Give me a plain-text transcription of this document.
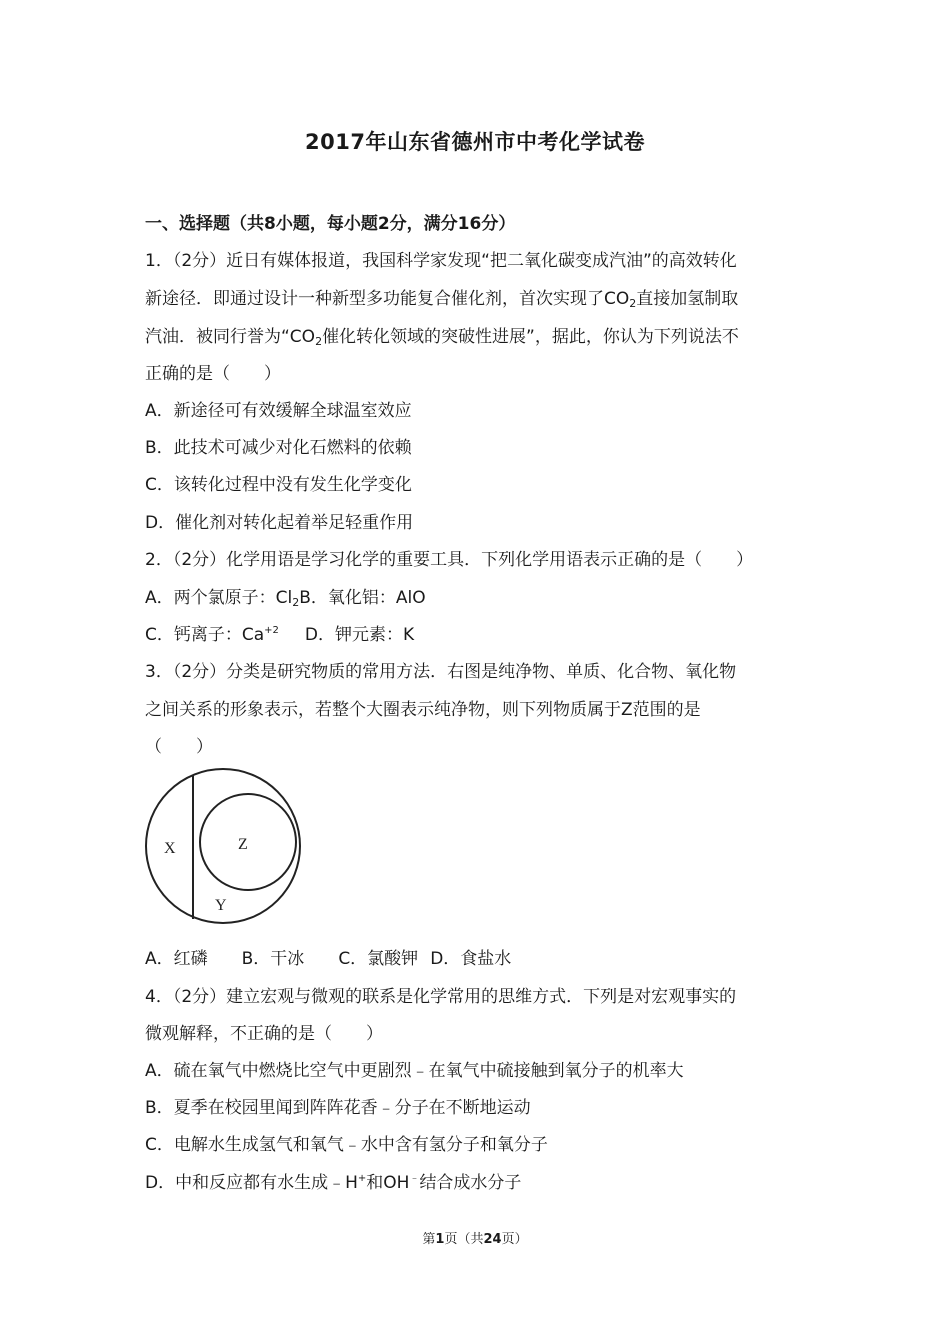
2017年山东省德州市中考化学试卷
一、选择题（共8小题，每小题2分，满分16分）
1．（2分）近日有媒体报道，我国科学家发现“把二氧化碳变成汽油”的高效转化
新途径．即通过设计一种新型多功能复合催化剂，首次实现了$CO_2$直接加氢制取
汽油．被同行誉为“$CO_2$催化转化领域的突破性进展”，据此，你认为下列说法不
正确的是（　　）
A．新途径可有效缓解全球温室效应
B．此技术可减少对化石燃料的依赖
C．该转化过程中没有发生化学变化
D．催化剂对转化起着举足轻重作用
2．（2分）化学用语是学习化学的重要工具．下列化学用语表示正确的是（　　）
A．两个氯原子：$Cl_2B$．氧化铝：AlO
C．钙离子：$Ca^{+2}$ D．钾元素：K
3．（2分）分类是研究物质的常用方法．右图是纯净物、单质、化合物、氧化物
之间关系的形象表示，若整个大圈表示纯净物，则下列物质属于Z范围的是
（　　）
X	Z
Y
A．红磷 B．干冰 C．氯酸钾 D．食盐水
4．（2分）建立宏观与微观的联系是化学常用的思维方式．下列是对宏观事实的
微观解释，不正确的是（　　）
A．硫在氧气中燃烧比空气中更剧烈﹣在氧气中硫接触到氧分子的机率大
B．夏季在校园里闻到阵阵花香﹣分子在不断地运动
C．电解水生成氢气和氧气﹣水中含有氢分子和氧分子
D．中和反应都有水生成﹣H+和OH﹣结合成水分子
第1页（共24页）
